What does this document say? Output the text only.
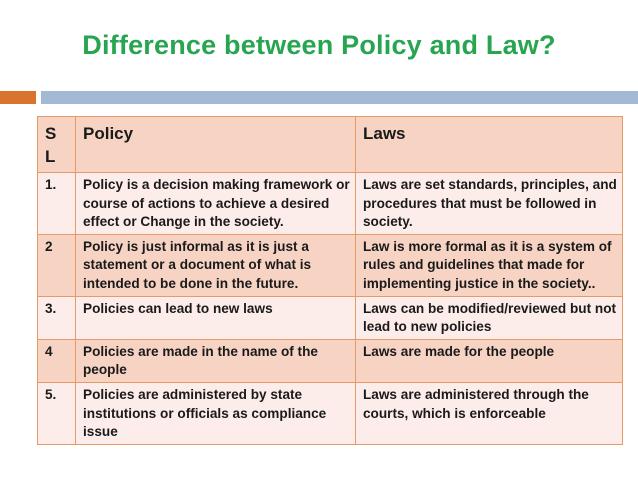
Difference between Policy and Law?
S L	Policy	Laws
1.	Policy is a decision making framework or course of actions to achieve a desired effect or Change in the society.	Laws are set standards, principles, and procedures that must be followed in society.
2	Policy is just informal as it is just a statement or a document of what is intended to be done in the future.	Law is more formal as it is a system of rules and guidelines that made for implementing justice in the society..
3.	Policies can lead to new laws	Laws can be modified/reviewed but not lead to new policies
4	Policies are made in the name of the people	Laws are made for the people
5.	Policies are administered by state institutions or officials as compliance issue	Laws are administered through the courts, which is enforceable
